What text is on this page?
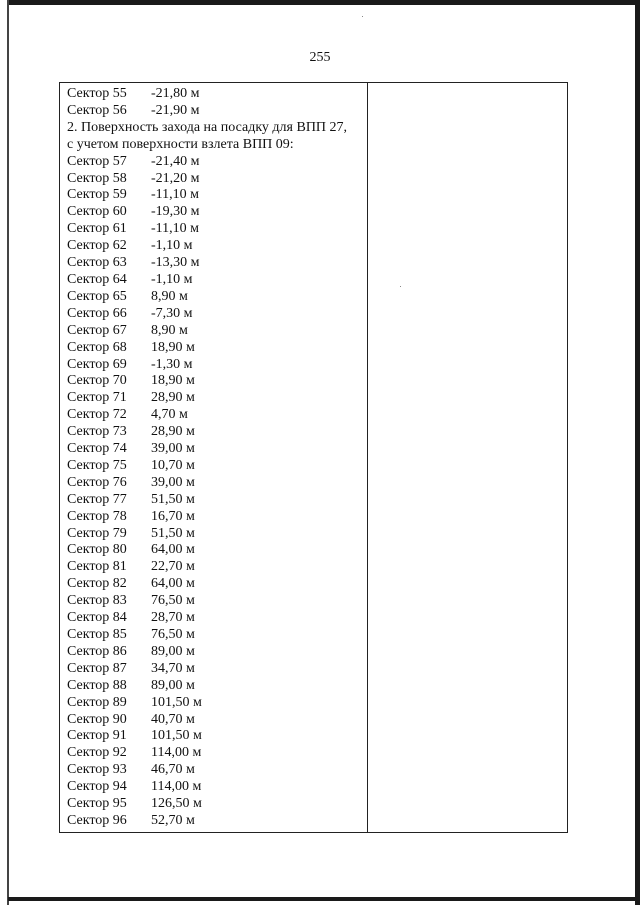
255
Сектор 55 -21,80 м
Сектор 56 -21,90 м
2. Поверхность захода на посадку для ВПП 27,
с учетом поверхности взлета ВПП 09:
Сектор 57 -21,40 м
Сектор 58 -21,20 м
Сектор 59 -11,10 м
Сектор 60 -19,30 м
Сектор 61 -11,10 м
Сектор 62 -1,10 м
Сектор 63 -13,30 м
Сектор 64 -1,10 м
Сектор 65 8,90 м
Сектор 66 -7,30 м
Сектор 67 8,90 м
Сектор 68 18,90 м
Сектор 69 -1,30 м
Сектор 70 18,90 м
Сектор 71 28,90 м
Сектор 72 4,70 м
Сектор 73 28,90 м
Сектор 74 39,00 м
Сектор 75 10,70 м
Сектор 76 39,00 м
Сектор 77 51,50 м
Сектор 78 16,70 м
Сектор 79 51,50 м
Сектор 80 64,00 м
Сектор 81 22,70 м
Сектор 82 64,00 м
Сектор 83 76,50 м
Сектор 84 28,70 м
Сектор 85 76,50 м
Сектор 86 89,00 м
Сектор 87 34,70 м
Сектор 88 89,00 м
Сектор 89 101,50 м
Сектор 90 40,70 м
Сектор 91 101,50 м
Сектор 92 114,00 м
Сектор 93 46,70 м
Сектор 94 114,00 м
Сектор 95 126,50 м
Сектор 96 52,70 м
